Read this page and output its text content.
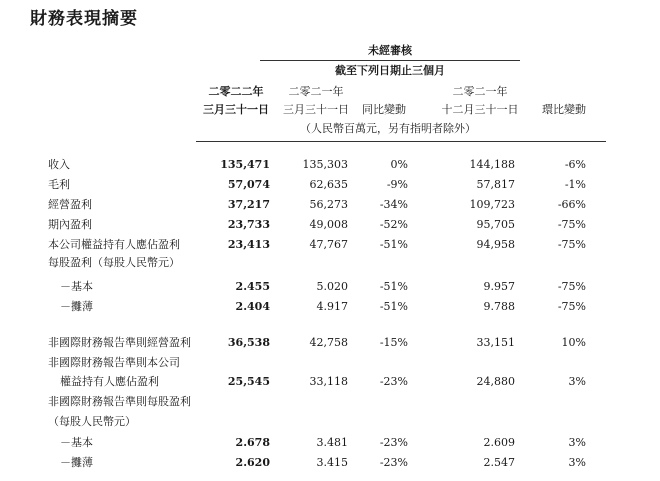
財務表現摘要
未經審核
截至下列日期止三個月
二零二二年
三月三十一日
二零二一年
三月三十一日 同比變動
二零二一年
十二月三十一日 環比變動
（人民幣百萬元，另有指明者除外）
收入	135,471	135,303	0%	144,188	-6%
毛利	57,074	62,635	-9%	57,817	-1%
經營盈利	37,217	56,273	-34%	109,723	-66%
期內盈利	23,733	49,008	-52%	95,705	-75%
本公司權益持有人應佔盈利	23,413	47,767	-51%	94,958	-75%
每股盈利（每股人民幣元）
－基本	2.455	5.020	-51%	9.957	-75%
－攤薄	2.404	4.917	-51%	9.788	-75%
非國際財務報告準則經營盈利	36,538	42,758	-15%	33,151	10%
非國際財務報告準則本公司
權益持有人應佔盈利	25,545	33,118	-23%	24,880	3%
非國際財務報告準則每股盈利
（每股人民幣元）
－基本	2.678	3.481	-23%	2.609	3%
－攤薄	2.620	3.415	-23%	2.547	3%
